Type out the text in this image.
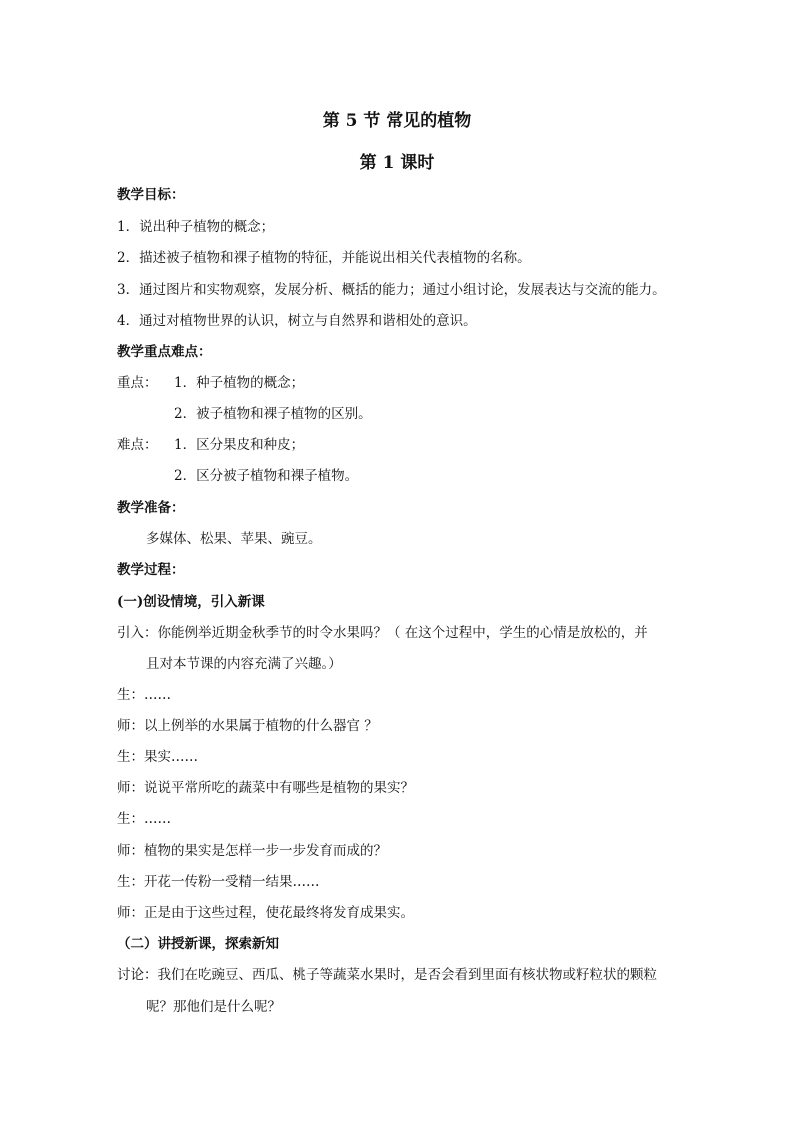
第 5 节 常见的植物
第 1 课时
教学目标：
1．说出种子植物的概念；
2．描述被子植物和裸子植物的特征，并能说出相关代表植物的名称。
3．通过图片和实物观察，发展分析、概括的能力；通过小组讨论，发展表达与交流的能力。
4．通过对植物世界的认识，树立与自然界和谐相处的意识。
教学重点难点：
重点： 1．种子植物的概念；
2．被子植物和裸子植物的区别。
难点： 1．区分果皮和种皮；
2．区分被子植物和裸子植物。
教学准备：
多媒体、松果、苹果、豌豆。
教学过程：
(一)创设情境，引入新课
引入：你能例举近期金秋季节的时令水果吗？（ 在这个过程中，学生的心情是放松的，并
且对本节课的内容充满了兴趣。）
生：……
师：以上例举的水果属于植物的什么器官 ？
生：果实……
师：说说平常所吃的蔬菜中有哪些是植物的果实？
生：……
师：植物的果实是怎样一步一步发育而成的？
生：开花一传粉一受精一结果……
师：正是由于这些过程，使花最终将发育成果实。
（二）讲授新课，探索新知
讨论：我们在吃豌豆、西瓜、桃子等蔬菜水果时，是否会看到里面有核状物或籽粒状的颗粒
呢？那他们是什么呢？
